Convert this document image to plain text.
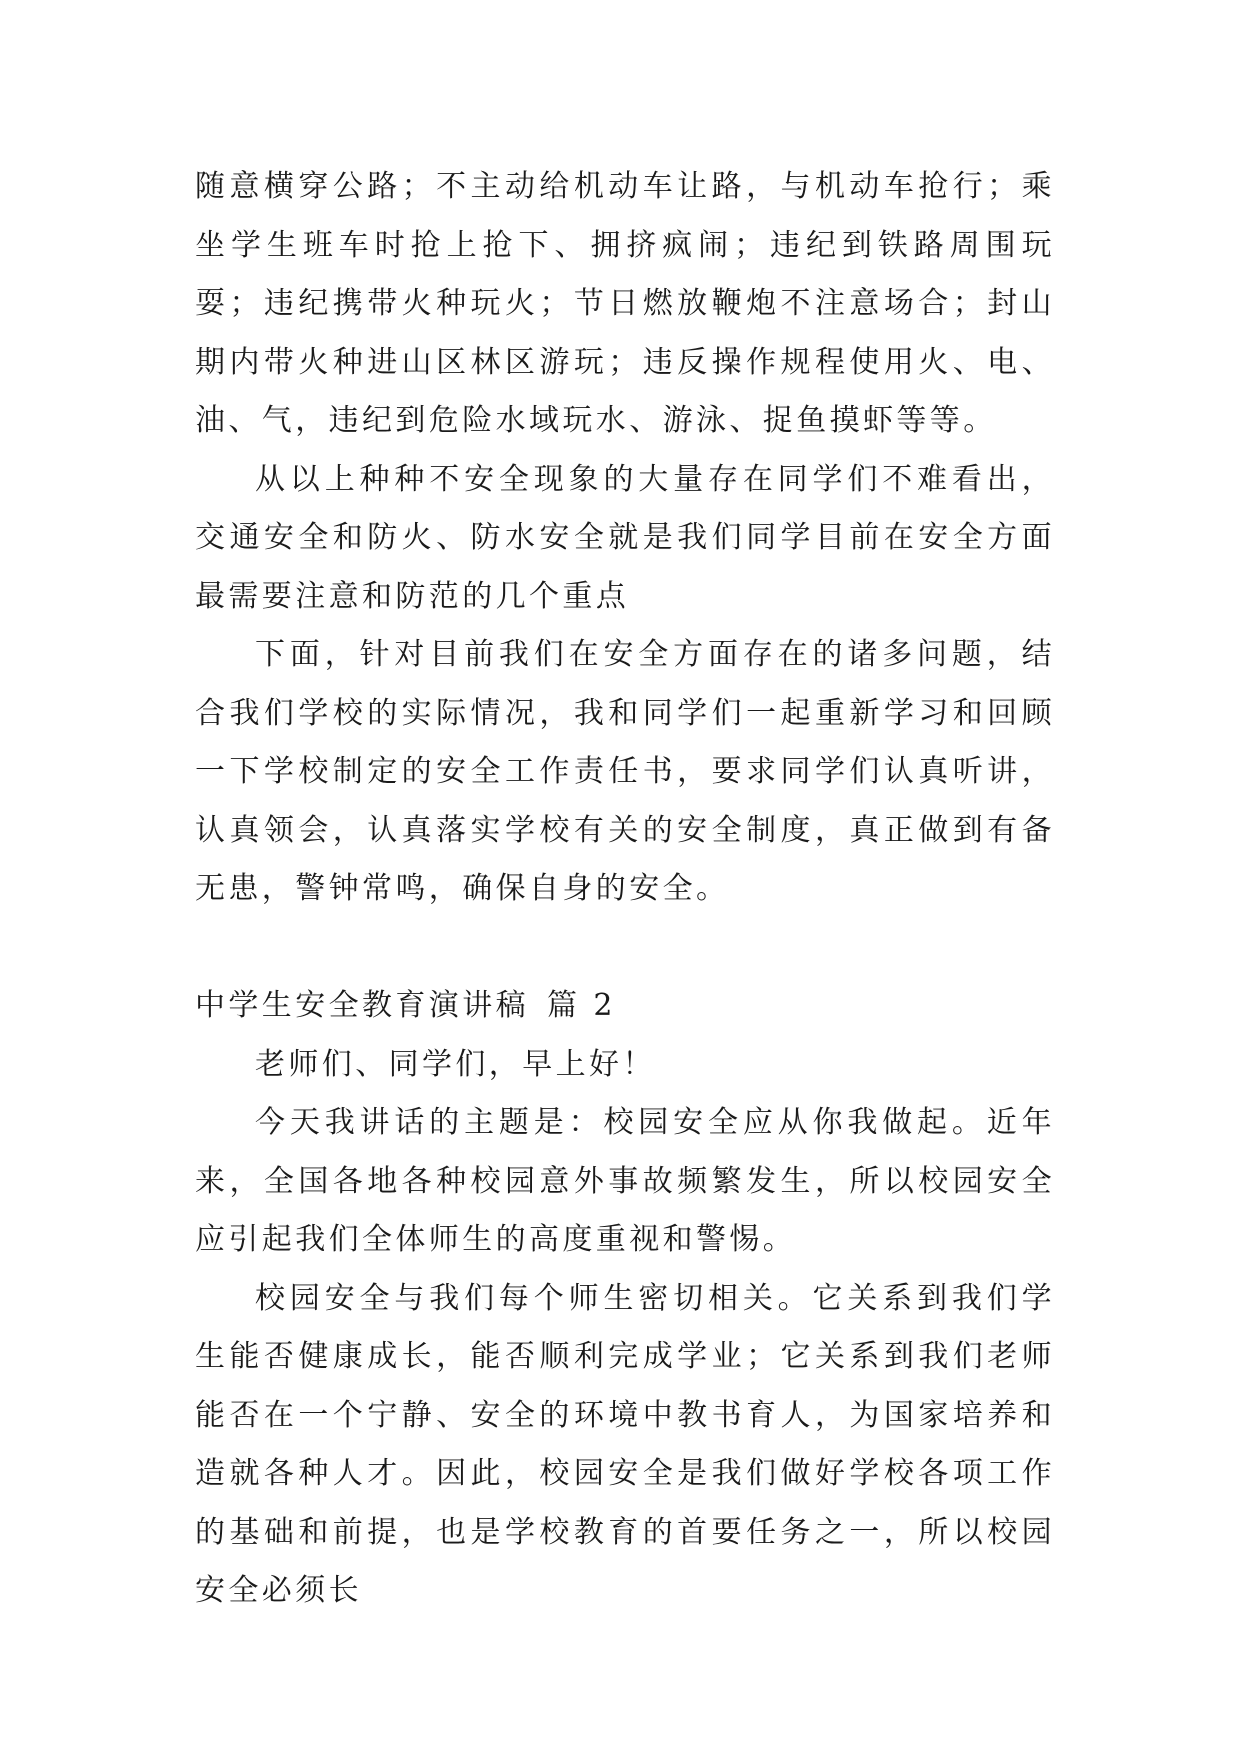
随意横穿公路；不主动给机动车让路，与机动车抢行；乘坐学生班车时抢上抢下、拥挤疯闹；违纪到铁路周围玩耍；违纪携带火种玩火；节日燃放鞭炮不注意场合；封山期内带火种进山区林区游玩；违反操作规程使用火、电、油、气，违纪到危险水域玩水、游泳、捉鱼摸虾等等。

从以上种种不安全现象的大量存在同学们不难看出，交通安全和防火、防水安全就是我们同学目前在安全方面最需要注意和防范的几个重点

下面，针对目前我们在安全方面存在的诸多问题，结合我们学校的实际情况，我和同学们一起重新学习和回顾一下学校制定的安全工作责任书，要求同学们认真听讲，认真领会，认真落实学校有关的安全制度，真正做到有备无患，警钟常鸣，确保自身的安全。

中学生安全教育演讲稿 篇 2

老师们、同学们，早上好！

今天我讲话的主题是：校园安全应从你我做起。近年来，全国各地各种校园意外事故频繁发生，所以校园安全应引起我们全体师生的高度重视和警惕。

校园安全与我们每个师生密切相关。它关系到我们学生能否健康成长，能否顺利完成学业；它关系到我们老师能否在一个宁静、安全的环境中教书育人，为国家培养和造就各种人才。因此，校园安全是我们做好学校各项工作的基础和前提，也是学校教育的首要任务之一，所以校园安全必须长
